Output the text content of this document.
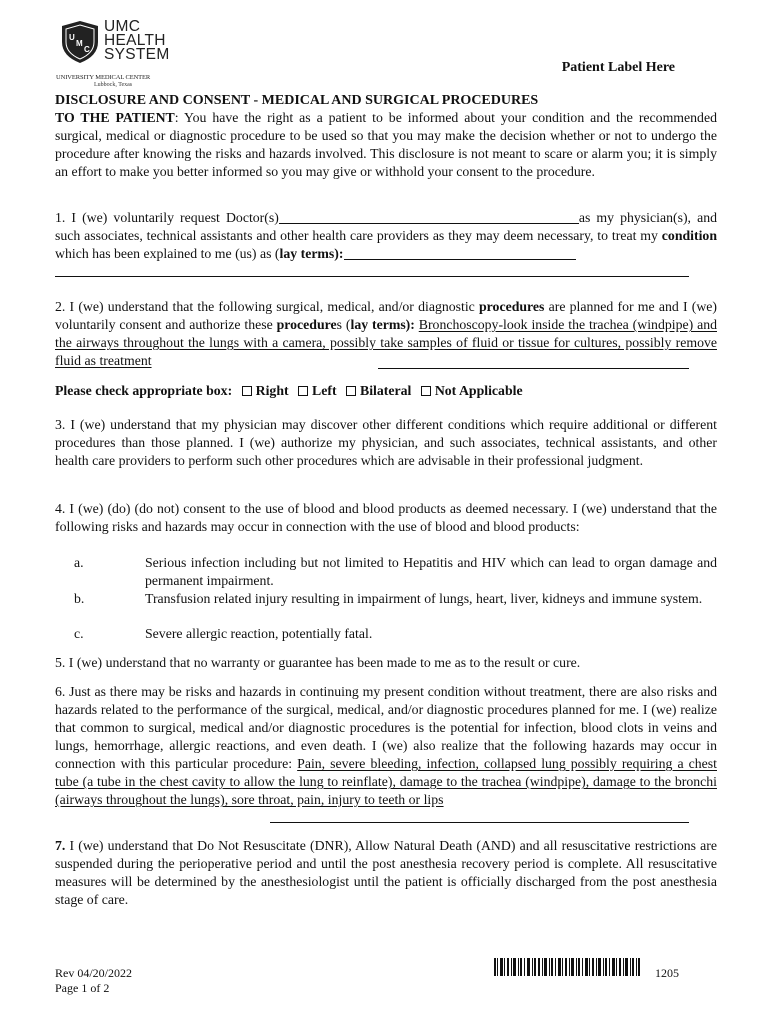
U
M
C
UMC
HEALTH
SYSTEM
UNIVERSITY MEDICAL CENTER
Lubbock, Texas
Patient Label Here
DISCLOSURE AND CONSENT - MEDICAL AND SURGICAL PROCEDURES
TO THE PATIENT: You have the right as a patient to be informed about your condition and the recommended surgical, medical or diagnostic procedure to be used so that you may make the decision whether or not to undergo the procedure after knowing the risks and hazards involved. This disclosure is not meant to scare or alarm you; it is simply an effort to make you better informed so you may give or withhold your consent to the procedure.
1. I (we) voluntarily request Doctor(s)	as my physician(s), and such associates, technical assistants and other health care providers as they may deem necessary, to treat my condition which has been explained to me (us) as (lay terms):
2. I (we) understand that the following surgical, medical, and/or diagnostic procedures are planned for me and I (we) voluntarily consent and authorize these procedures (lay terms): Bronchoscopy-look inside the trachea (windpipe) and the airways throughout the lungs with a camera, possibly take samples of fluid or tissue for cultures, possibly remove fluid as treatment
Please check appropriate box: Right Left Bilateral Not Applicable
3. I (we) understand that my physician may discover other different conditions which require additional or different procedures than those planned. I (we) authorize my physician, and such associates, technical assistants, and other health care providers to perform such other procedures which are advisable in their professional judgment.
4. I (we) (do) (do not) consent to the use of blood and blood products as deemed necessary. I (we) understand that the following risks and hazards may occur in connection with the use of blood and blood products:
a.	Serious infection including but not limited to Hepatitis and HIV which can lead to organ damage and permanent impairment.
b.	Transfusion related injury resulting in impairment of lungs, heart, liver, kidneys and immune system.
c.	Severe allergic reaction, potentially fatal.
5. I (we) understand that no warranty or guarantee has been made to me as to the result or cure.
6. Just as there may be risks and hazards in continuing my present condition without treatment, there are also risks and hazards related to the performance of the surgical, medical, and/or diagnostic procedures planned for me. I (we) realize that common to surgical, medical and/or diagnostic procedures is the potential for infection, blood clots in veins and lungs, hemorrhage, allergic reactions, and even death. I (we) also realize that the following hazards may occur in connection with this particular procedure: Pain, severe bleeding, infection, collapsed lung possibly requiring a chest tube (a tube in the chest cavity to allow the lung to reinflate), damage to the trachea (windpipe), damage to the bronchi (airways throughout the lungs), sore throat, pain, injury to teeth or lips
7. I (we) understand that Do Not Resuscitate (DNR), Allow Natural Death (AND) and all resuscitative restrictions are suspended during the perioperative period and until the post anesthesia recovery period is complete. All resuscitative measures will be determined by the anesthesiologist until the patient is officially discharged from the post anesthesia stage of care.
Rev 04/20/2022
Page 1 of 2
1205
